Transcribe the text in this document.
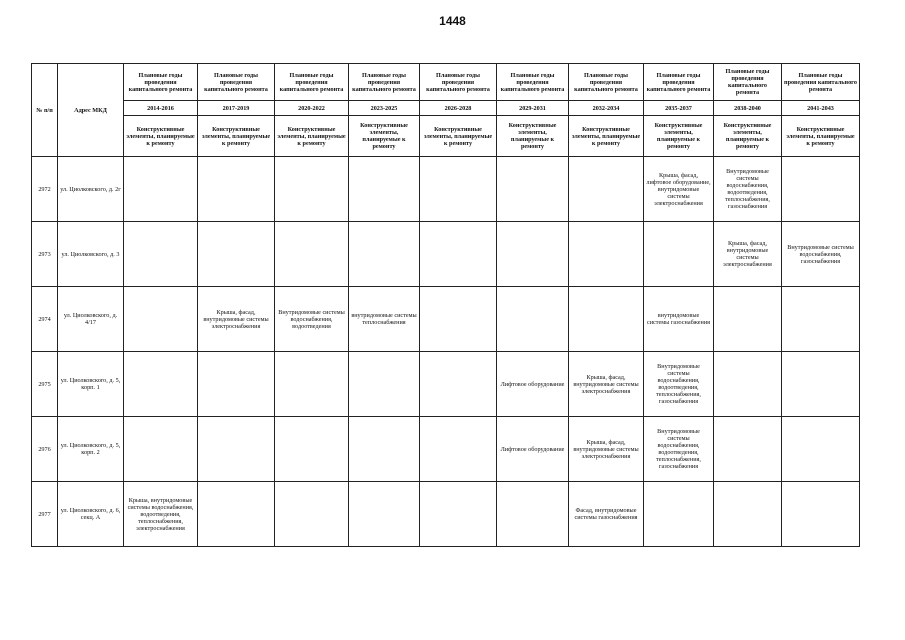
1448
№ п/п	Адрес МКД	Плановые годы проведения капитального ремонта	Плановые годы проведения капитального ремонта	Плановые годы проведения капитального ремонта	Плановые годы проведения капитального ремонта	Плановые годы проведения капитального ремонта	Плановые годы проведения капитального ремонта	Плановые годы проведения капитального ремонта	Плановые годы проведения капитального ремонта	Плановые годы проведения капитального ремонта	Плановые годы проведения капитального ремонта
		2014-2016	2017-2019	2020-2022	2023-2025	2026-2028	2029-2031	2032-2034	2035-2037	2038-2040	2041-2043
		Конструктивные элементы, планируемые к ремонту	Конструктивные элементы, планируемые к ремонту	Конструктивные элементы, планируемые к ремонту	Конструктивные элементы, планируемые к ремонту	Конструктивные элементы, планируемые к ремонту	Конструктивные элементы, планируемые к ремонту	Конструктивные элементы, планируемые к ремонту	Конструктивные элементы, планируемые к ремонту	Конструктивные элементы, планируемые к ремонту	Конструктивные элементы, планируемые к ремонту
2972	ул. Циолковского, д. 2г								Крыша, фасад, лифтовое оборудование, внутридомовые системы электроснабжения	Внутридомовые системы водоснабжения, водоотведения, теплоснабжения, газоснабжения	
2973	ул. Циолковского, д. 3									Крыша, фасад, внутридомовые системы электроснабжения	Внутридомовые системы водоснабжения, газоснабжения
2974	ул. Циолковского, д. 4/17		Крыша, фасад, внутридомовые системы электроснабжения	Внутридомовые системы водоснабжения, водоотведения	внутридомовые системы теплоснабжения				внутридомовые системы газоснабжения		
2975	ул. Циолковского, д. 5, корп. 1						Лифтовое оборудование	Крыша, фасад, внутридомовые системы электроснабжения	Внутридомовые системы водоснабжения, водоотведения, теплоснабжения, газоснабжения		
2976	ул. Циолковского, д. 5, корп. 2						Лифтовое оборудование	Крыша, фасад, внутридомовые системы электроснабжения	Внутридомовые системы водоснабжения, водоотведения, теплоснабжения, газоснабжения		
2977	ул. Циолковского, д. 6, секц. А	Крыша, внутридомовые системы водоснабжения, водоотведения, теплоснабжения, электроснабжения						Фасад, внутридомовые системы газоснабжения			
